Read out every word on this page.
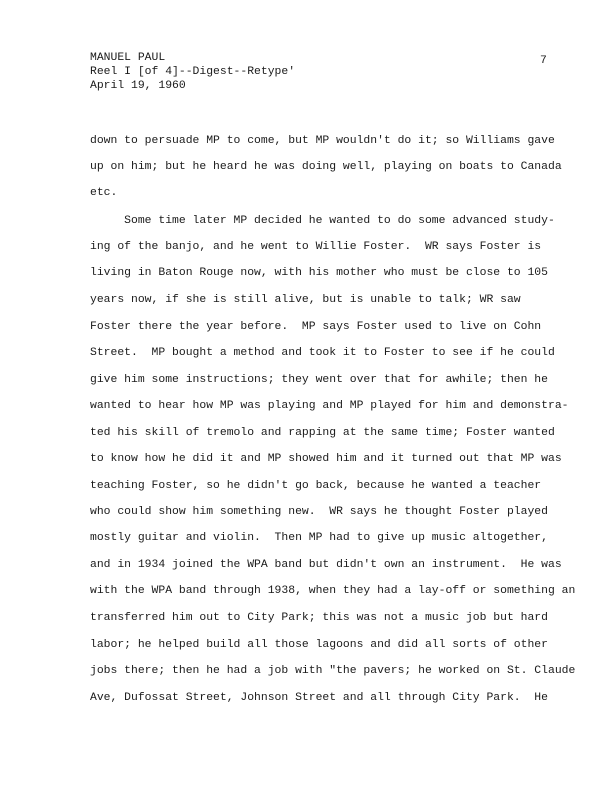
MANUEL PAUL
Reel I [of 4]--Digest--Retype'
April 19, 1960
7
down to persuade MP to come, but MP wouldn't do it; so Williams gave
up on him; but he heard he was doing well, playing on boats to Canada
etc.
Some time later MP decided he wanted to do some advanced study-
ing of the banjo, and he went to Willie Foster.  WR says Foster is
living in Baton Rouge now, with his mother who must be close to 105
years now, if she is still alive, but is unable to talk; WR saw
Foster there the year before.  MP says Foster used to live on Cohn
Street.  MP bought a method and took it to Foster to see if he could
give him some instructions; they went over that for awhile; then he
wanted to hear how MP was playing and MP played for him and demonstra-
ted his skill of tremolo and rapping at the same time; Foster wanted
to know how he did it and MP showed him and it turned out that MP was
teaching Foster, so he didn't go back, because he wanted a teacher
who could show him something new.  WR says he thought Foster played
mostly guitar and violin.  Then MP had to give up music altogether,
and in 1934 joined the WPA band but didn't own an instrument.  He was
with the WPA band through 1938, when they had a lay-off or something an
transferred him out to City Park; this was not a music job but hard
labor; he helped build all those lagoons and did all sorts of other
jobs there; then he had a job with "the pavers; he worked on St. Claude
Ave, Dufossat Street, Johnson Street and all through City Park.  He
